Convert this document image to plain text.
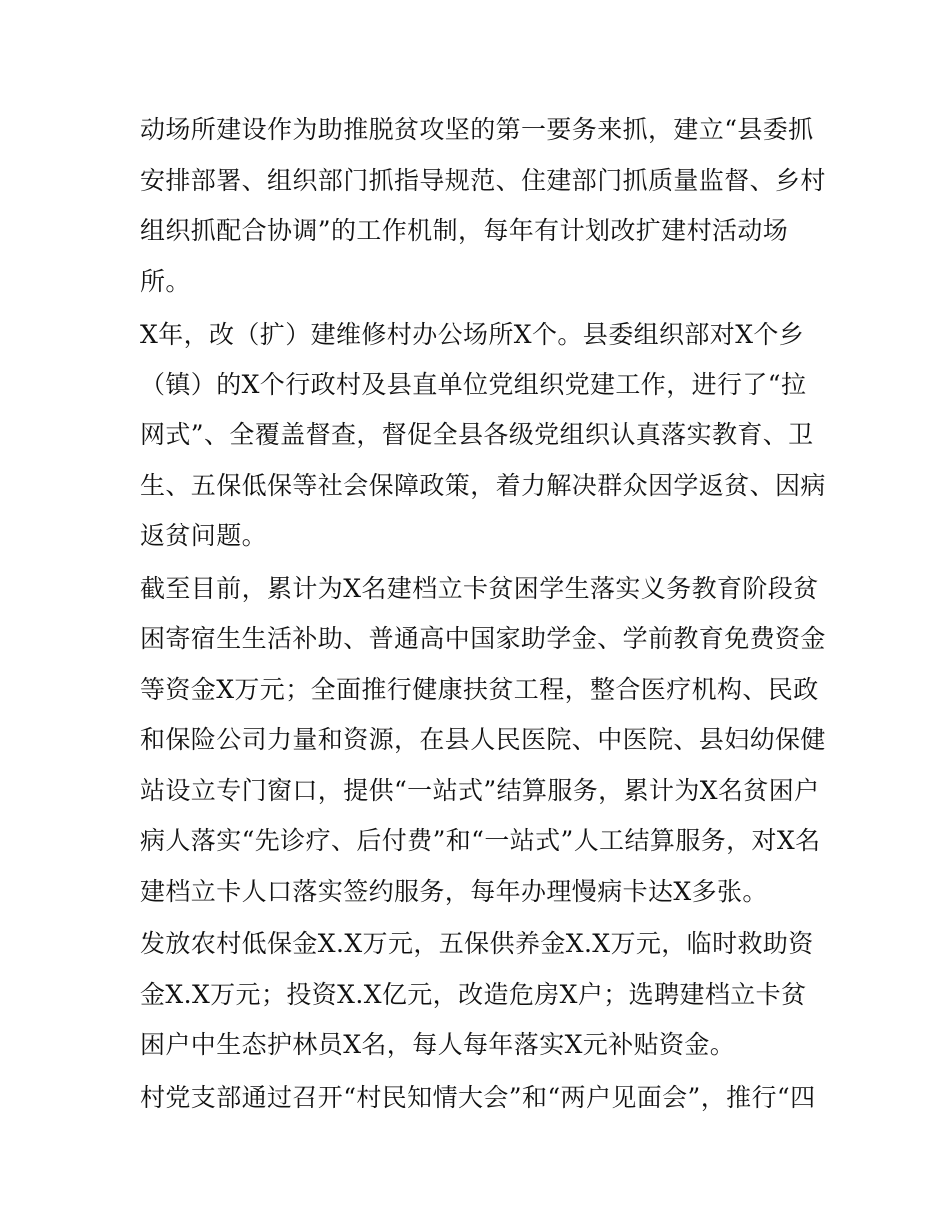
动场所建设作为助推脱贫攻坚的第一要务来抓，建立“县委抓
安排部署、组织部门抓指导规范、住建部门抓质量监督、乡村
组织抓配合协调”的工作机制，每年有计划改扩建村活动场
所。
X年，改（扩）建维修村办公场所X个。县委组织部对X个乡
（镇）的X个行政村及县直单位党组织党建工作，进行了“拉
网式”、全覆盖督查，督促全县各级党组织认真落实教育、卫
生、五保低保等社会保障政策，着力解决群众因学返贫、因病
返贫问题。
截至目前，累计为X名建档立卡贫困学生落实义务教育阶段贫
困寄宿生生活补助、普通高中国家助学金、学前教育免费资金
等资金X万元；全面推行健康扶贫工程，整合医疗机构、民政
和保险公司力量和资源，在县人民医院、中医院、县妇幼保健
站设立专门窗口，提供“一站式”结算服务，累计为X名贫困户
病人落实“先诊疗、后付费”和“一站式”人工结算服务，对X名
建档立卡人口落实签约服务，每年办理慢病卡达X多张。
发放农村低保金X.X万元，五保供养金X.X万元，临时救助资
金X.X万元；投资X.X亿元，改造危房X户；选聘建档立卡贫
困户中生态护林员X名，每人每年落实X元补贴资金。
村党支部通过召开“村民知情大会”和“两户见面会”，推行“四
